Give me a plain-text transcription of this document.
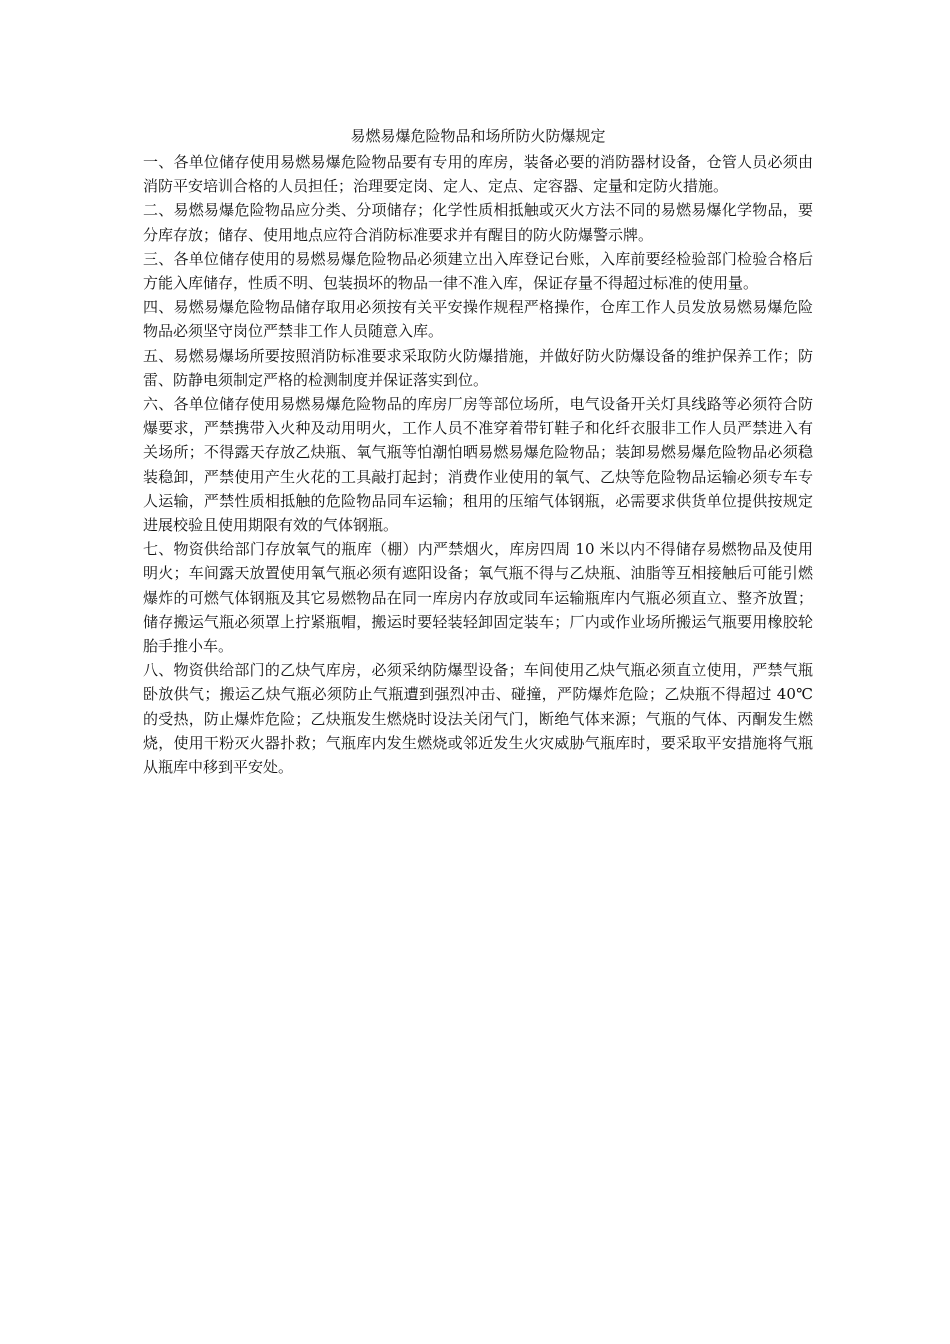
易燃易爆危险物品和场所防火防爆规定

一、各单位储存使用易燃易爆危险物品要有专用的库房，装备必要的消防器材设备，仓管人员必须由消防平安培训合格的人员担任；治理要定岗、定人、定点、定容器、定量和定防火措施。

二、易燃易爆危险物品应分类、分项储存；化学性质相抵触或灭火方法不同的易燃易爆化学物品，要分库存放；储存、使用地点应符合消防标准要求并有醒目的防火防爆警示牌。

三、各单位储存使用的易燃易爆危险物品必须建立出入库登记台账，入库前要经检验部门检验合格后方能入库储存，性质不明、包装损坏的物品一律不准入库，保证存量不得超过标准的使用量。

四、易燃易爆危险物品储存取用必须按有关平安操作规程严格操作，仓库工作人员发放易燃易爆危险物品必须坚守岗位严禁非工作人员随意入库。

五、易燃易爆场所要按照消防标准要求采取防火防爆措施，并做好防火防爆设备的维护保养工作；防雷、防静电须制定严格的检测制度并保证落实到位。

六、各单位储存使用易燃易爆危险物品的库房厂房等部位场所，电气设备开关灯具线路等必须符合防爆要求，严禁携带入火种及动用明火，工作人员不准穿着带钉鞋子和化纤衣服非工作人员严禁进入有关场所；不得露天存放乙炔瓶、氧气瓶等怕潮怕晒易燃易爆危险物品；装卸易燃易爆危险物品必须稳装稳卸，严禁使用产生火花的工具敲打起封；消费作业使用的氧气、乙炔等危险物品运输必须专车专人运输，严禁性质相抵触的危险物品同车运输；租用的压缩气体钢瓶，必需要求供货单位提供按规定进展校验且使用期限有效的气体钢瓶。

七、物资供给部门存放氧气的瓶库（棚）内严禁烟火，库房四周 10 米以内不得储存易燃物品及使用明火；车间露天放置使用氧气瓶必须有遮阳设备；氧气瓶不得与乙炔瓶、油脂等互相接触后可能引燃爆炸的可燃气体钢瓶及其它易燃物品在同一库房内存放或同车运输瓶库内气瓶必须直立、整齐放置；储存搬运气瓶必须罩上拧紧瓶帽，搬运时要轻装轻卸固定装车；厂内或作业场所搬运气瓶要用橡胶轮胎手推小车。

八、物资供给部门的乙炔气库房，必须采纳防爆型设备；车间使用乙炔气瓶必须直立使用，严禁气瓶卧放供气；搬运乙炔气瓶必须防止气瓶遭到强烈冲击、碰撞，严防爆炸危险；乙炔瓶不得超过 40℃的受热，防止爆炸危险；乙炔瓶发生燃烧时设法关闭气门，断绝气体来源；气瓶的气体、丙酮发生燃烧，使用干粉灭火器扑救；气瓶库内发生燃烧或邻近发生火灾威胁气瓶库时，要采取平安措施将气瓶从瓶库中移到平安处。
